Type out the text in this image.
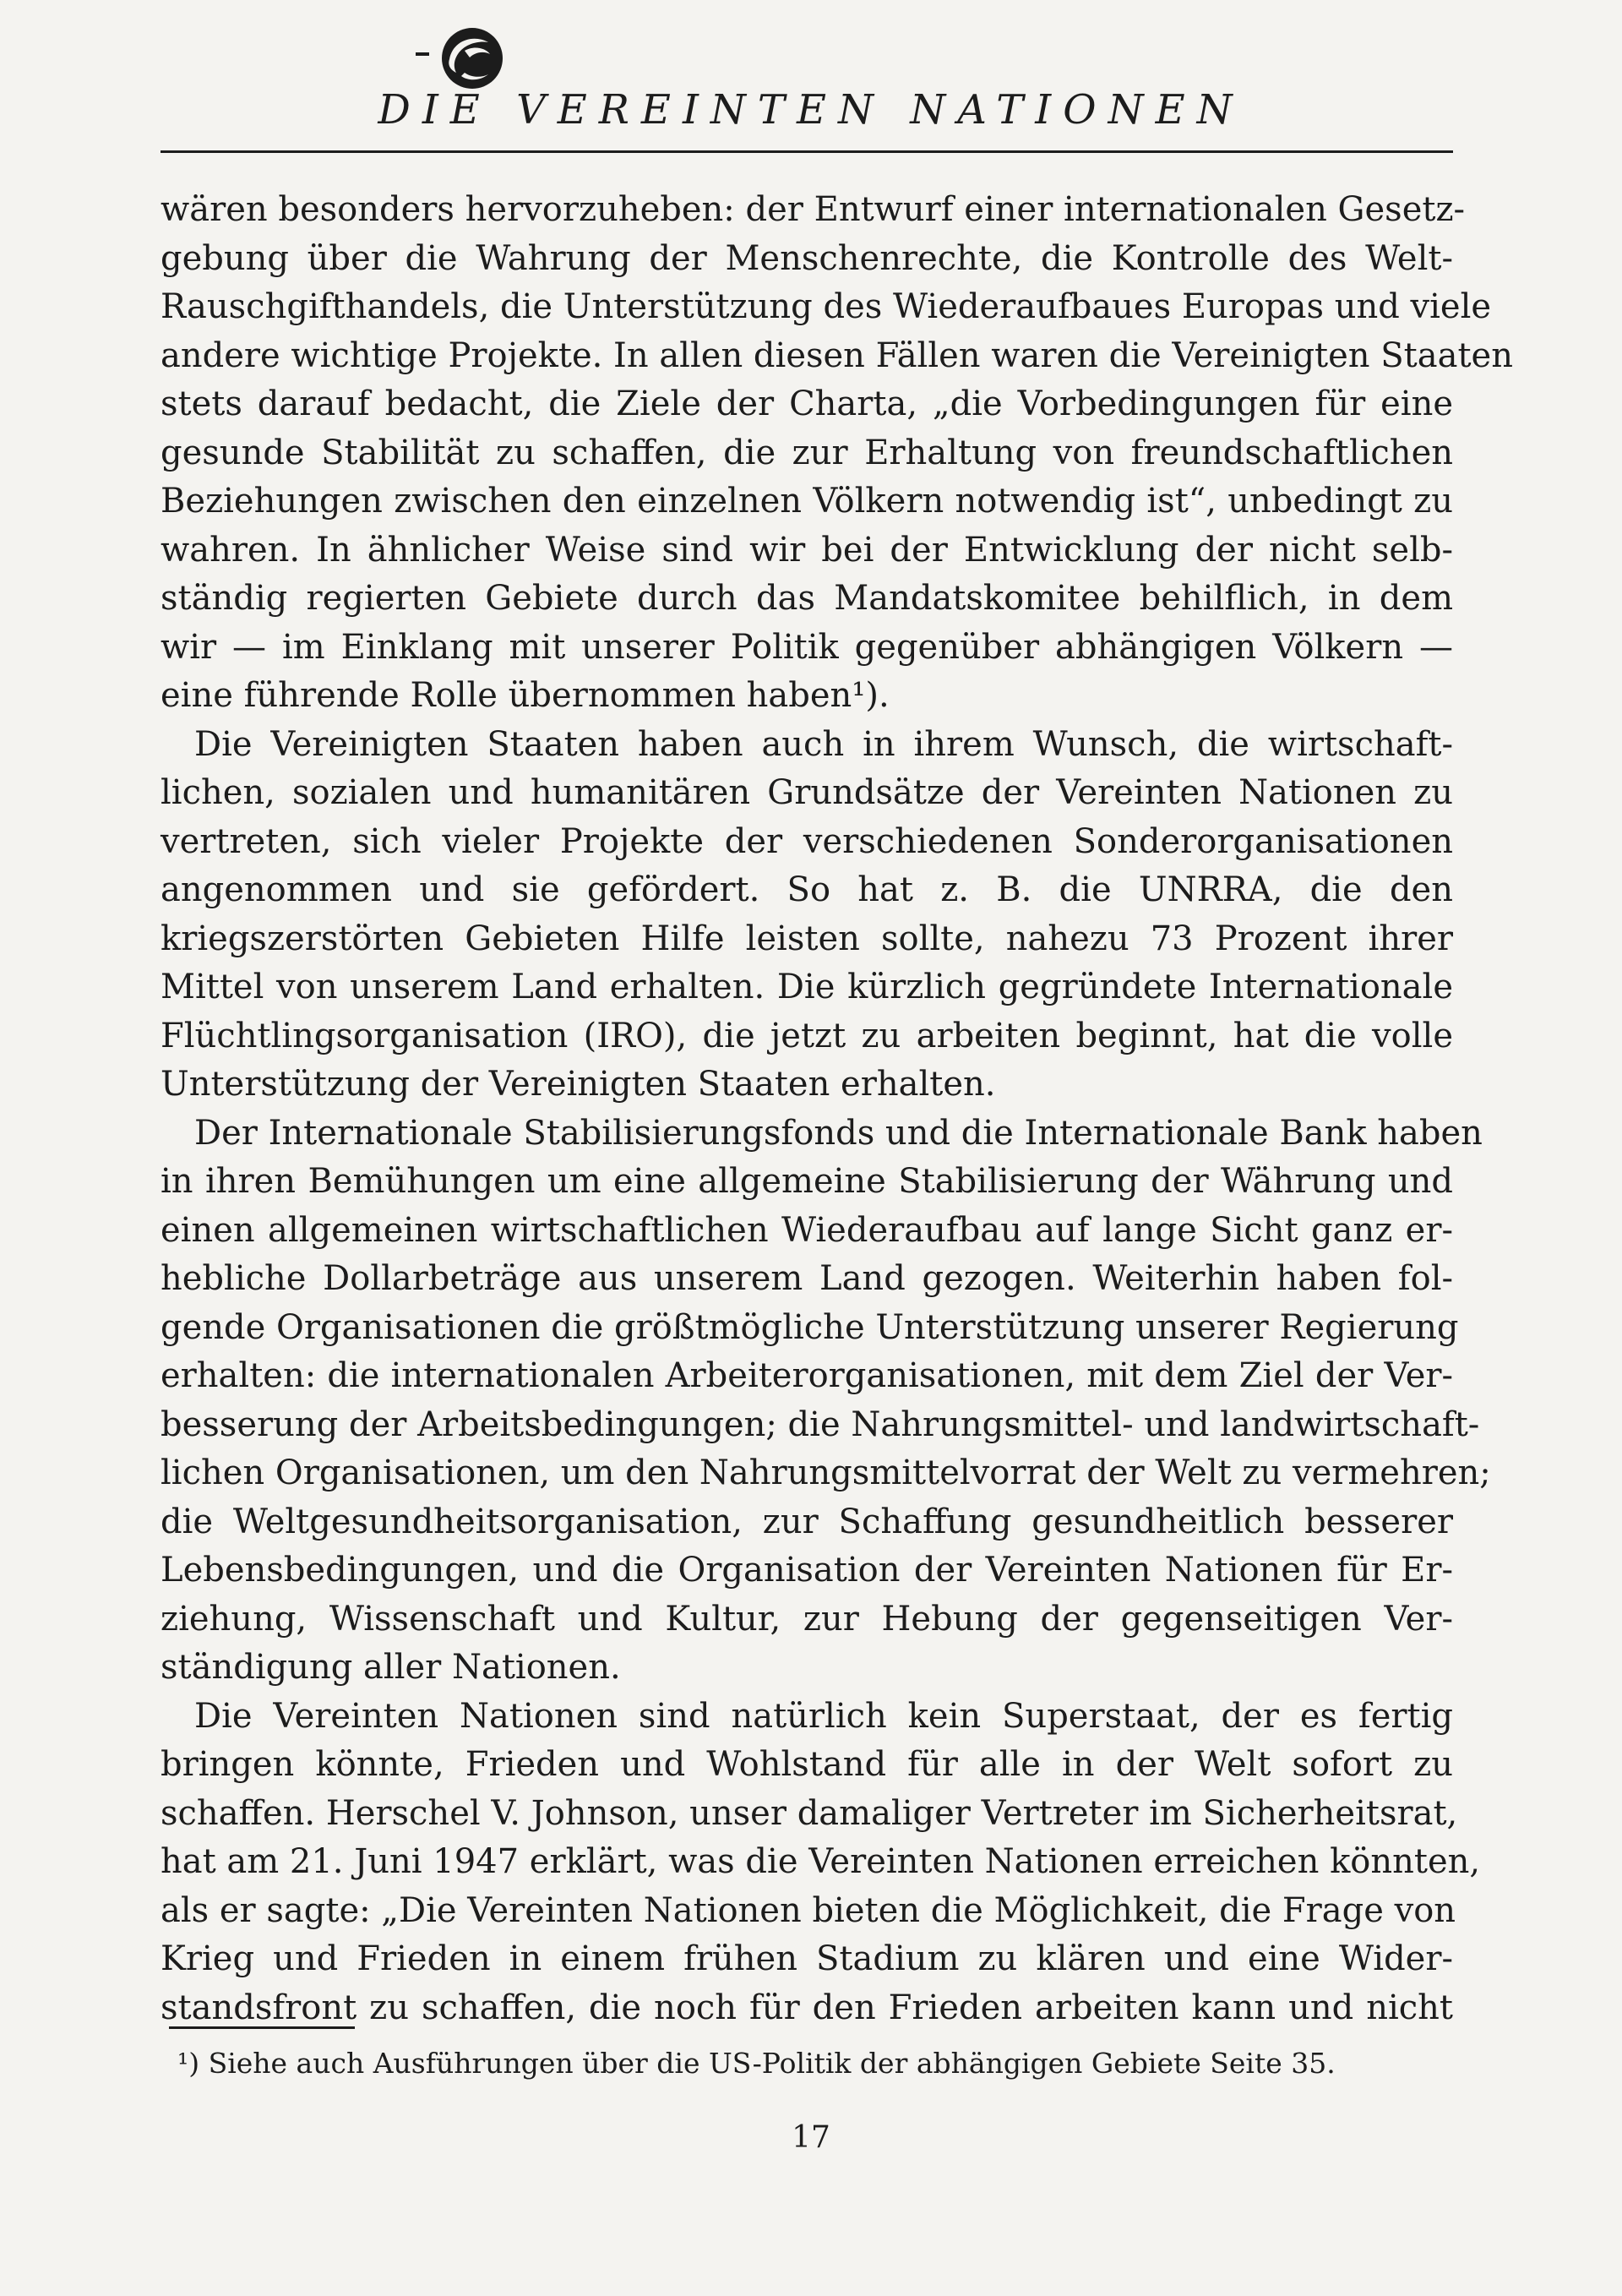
DIE VEREINTEN NATIONEN

wären besonders hervorzuheben: der Entwurf einer internationalen Gesetz-
gebung über die Wahrung der Menschenrechte, die Kontrolle des Welt-
Rauschgifthandels, die Unterstützung des Wiederaufbaues Europas und viele
andere wichtige Projekte. In allen diesen Fällen waren die Vereinigten Staaten
stets darauf bedacht, die Ziele der Charta, „die Vorbedingungen für eine
gesunde Stabilität zu schaffen, die zur Erhaltung von freundschaftlichen
Beziehungen zwischen den einzelnen Völkern notwendig ist“, unbedingt zu
wahren. In ähnlicher Weise sind wir bei der Entwicklung der nicht selb-
ständig regierten Gebiete durch das Mandatskomitee behilflich, in dem
wir — im Einklang mit unserer Politik gegenüber abhängigen Völkern —
eine führende Rolle übernommen haben¹).

Die Vereinigten Staaten haben auch in ihrem Wunsch, die wirtschaft-
lichen, sozialen und humanitären Grundsätze der Vereinten Nationen zu
vertreten, sich vieler Projekte der verschiedenen Sonderorganisationen
angenommen und sie gefördert. So hat z. B. die UNRRA, die den
kriegszerstörten Gebieten Hilfe leisten sollte, nahezu 73 Prozent ihrer
Mittel von unserem Land erhalten. Die kürzlich gegründete Internationale
Flüchtlingsorganisation (IRO), die jetzt zu arbeiten beginnt, hat die volle
Unterstützung der Vereinigten Staaten erhalten.

Der Internationale Stabilisierungsfonds und die Internationale Bank haben
in ihren Bemühungen um eine allgemeine Stabilisierung der Währung und
einen allgemeinen wirtschaftlichen Wiederaufbau auf lange Sicht ganz er-
hebliche Dollarbeträge aus unserem Land gezogen. Weiterhin haben fol-
gende Organisationen die größtmögliche Unterstützung unserer Regierung
erhalten: die internationalen Arbeiterorganisationen, mit dem Ziel der Ver-
besserung der Arbeitsbedingungen; die Nahrungsmittel- und landwirtschaft-
lichen Organisationen, um den Nahrungsmittelvorrat der Welt zu vermehren;
die Weltgesundheitsorganisation, zur Schaffung gesundheitlich besserer
Lebensbedingungen, und die Organisation der Vereinten Nationen für Er-
ziehung, Wissenschaft und Kultur, zur Hebung der gegenseitigen Ver-
ständigung aller Nationen.

Die Vereinten Nationen sind natürlich kein Superstaat, der es fertig
bringen könnte, Frieden und Wohlstand für alle in der Welt sofort zu
schaffen. Herschel V. Johnson, unser damaliger Vertreter im Sicherheitsrat,
hat am 21. Juni 1947 erklärt, was die Vereinten Nationen erreichen könnten,
als er sagte: „Die Vereinten Nationen bieten die Möglichkeit, die Frage von
Krieg und Frieden in einem frühen Stadium zu klären und eine Wider-
standsfront zu schaffen, die noch für den Frieden arbeiten kann und nicht

¹) Siehe auch Ausführungen über die US-Politik der abhängigen Gebiete Seite 35.
17
